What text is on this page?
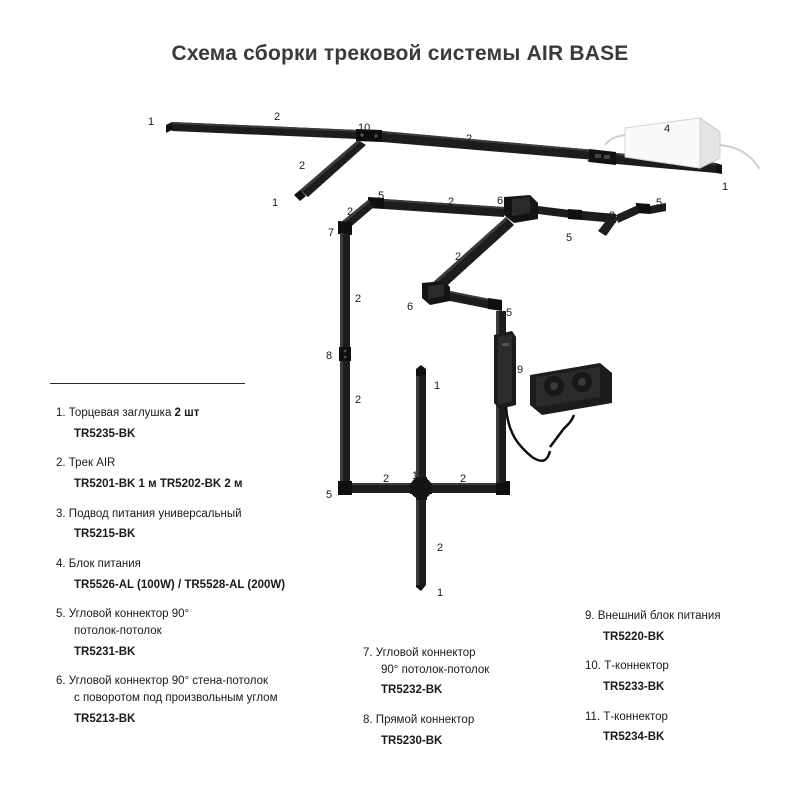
Схема сборки трековой системы AIR BASE
1	2
10
2
4
3
2
1
1
5
2
2	6	5
2
5
7
2
2
6	5
8
9
1
2
2 11	2
5
2
1
1. Торцевая заглушка 2 шт
TR5235-BK
2. Трек AIR
TR5201-BK 1 м TR5202-BK 2 м
3. Подвод питания универсальный
TR5215-BK
4. Блок питания
TR5526-AL (100W) / TR5528-AL (200W)
5. Угловой коннектор 90°
потолок-потолок
TR5231-BK
6. Угловой коннектор 90° стена-потолок
с поворотом под произвольным углом
TR5213-BK
7. Угловой коннектор
90° потолок-потолок
TR5232-BK
8. Прямой коннектор
TR5230-BK
9. Внешний блок питания
TR5220-BK
10. Т-коннектор
TR5233-BK
11. Т-коннектор
TR5234-BK
